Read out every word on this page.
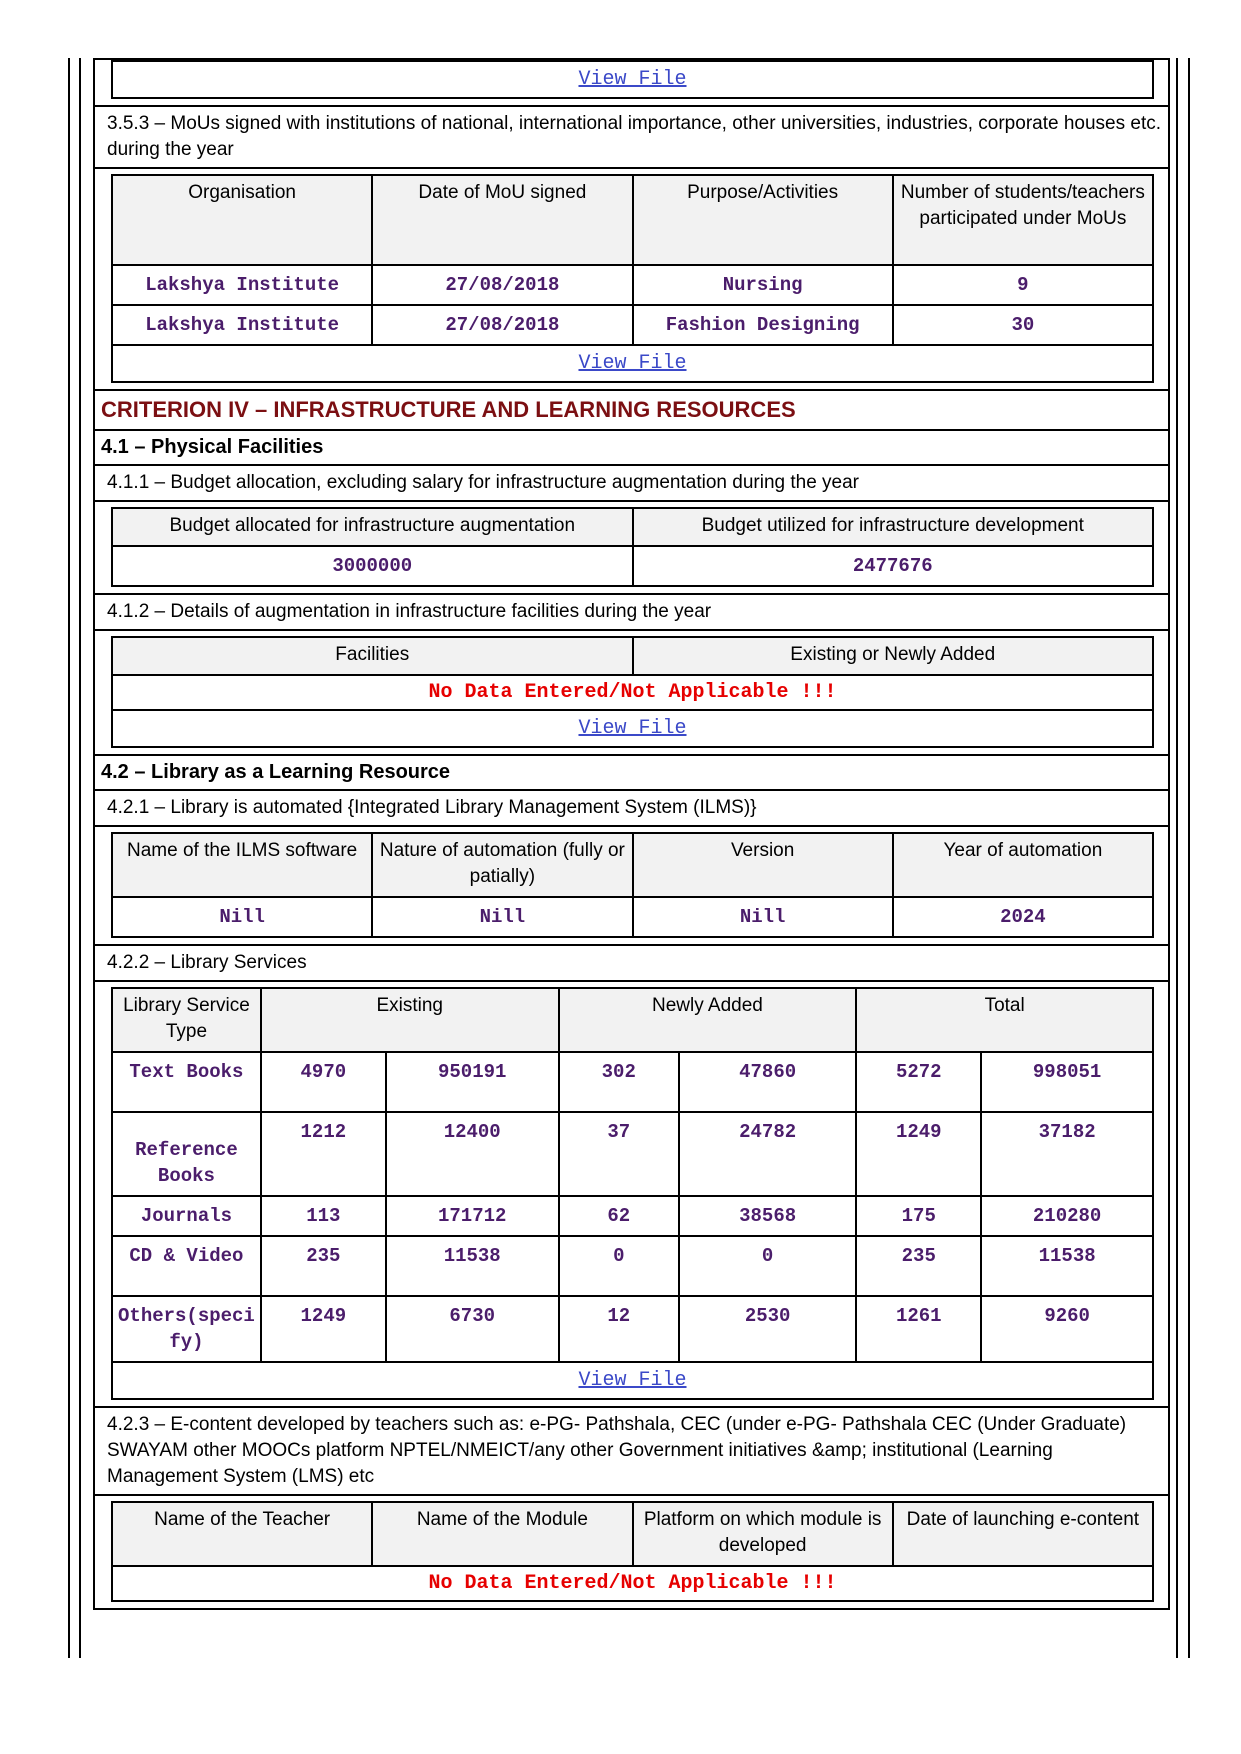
View File

3.5.3 – MoUs signed with institutions of national, international importance, other universities, industries, corporate houses etc. during the year

Organisation	Date of MoU signed	Purpose/Activities	Number of students/teachers participated under MoUs
Lakshya Institute	27/08/2018	Nursing	9
Lakshya Institute	27/08/2018	Fashion Designing	30
View File

CRITERION IV – INFRASTRUCTURE AND LEARNING RESOURCES
4.1 – Physical Facilities
4.1.1 – Budget allocation, excluding salary for infrastructure augmentation during the year

Budget allocated for infrastructure augmentation	Budget utilized for infrastructure development
3000000	2477676

4.1.2 – Details of augmentation in infrastructure facilities during the year

Facilities	Existing or Newly Added
No Data Entered/Not Applicable !!!
View File

4.2 – Library as a Learning Resource
4.2.1 – Library is automated {Integrated Library Management System (ILMS)}

Name of the ILMS software	Nature of automation (fully or patially)	Version	Year of automation
Nill	Nill	Nill	2024

4.2.2 – Library Services

Library Service Type	Existing	Newly Added	Total
Text Books	4970	950191	302	47860	5272	998051
Reference Books	1212	12400	37	24782	1249	37182
Journals	113	171712	62	38568	175	210280
CD & Video	235	11538	0	0	235	11538
Others(specify)	1249	6730	12	2530	1261	9260
View File

4.2.3 – E-content developed by teachers such as: e-PG- Pathshala, CEC (under e-PG- Pathshala CEC (Under Graduate) SWAYAM other MOOCs platform NPTEL/NMEICT/any other Government initiatives &amp; institutional (Learning Management System (LMS) etc

Name of the Teacher	Name of the Module	Platform on which module is developed	Date of launching e-content
No Data Entered/Not Applicable !!!
